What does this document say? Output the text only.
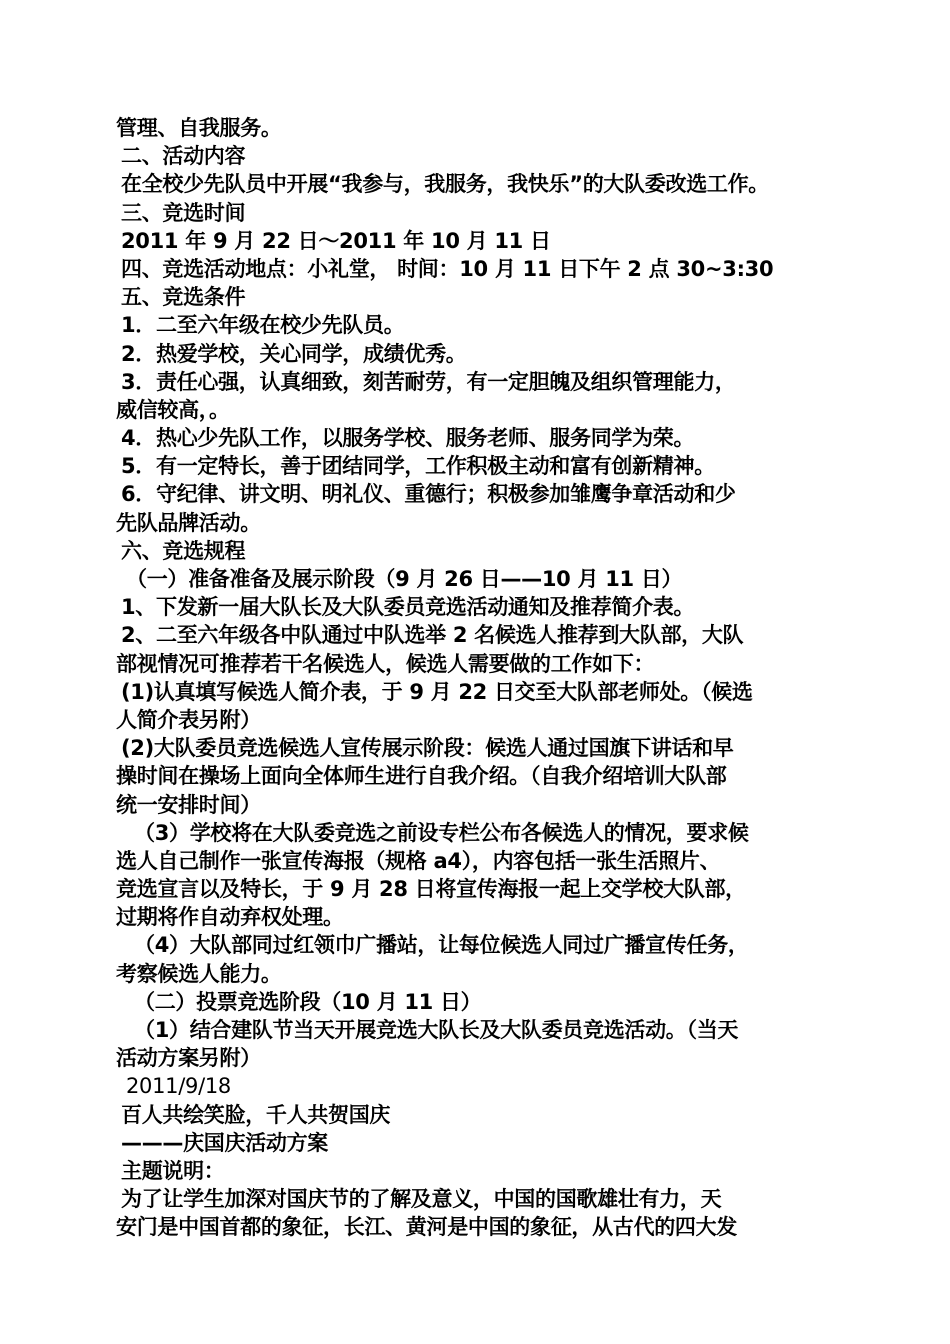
管理、自我服务。
二、活动内容
在全校少先队员中开展“我参与，我服务，我快乐”的大队委改选工作。
三、竞选时间
2011 年 9 月 22 日～2011 年 10 月 11 日
四、竞选活动地点：小礼堂， 时间：10 月 11 日下午 2 点 30~3:30
五、竞选条件
1．二至六年级在校少先队员。
2．热爱学校，关心同学，成绩优秀。
3．责任心强，认真细致，刻苦耐劳，有一定胆魄及组织管理能力，
威信较高，。
4．热心少先队工作，以服务学校、服务老师、服务同学为荣。
5．有一定特长，善于团结同学，工作积极主动和富有创新精神。
6．守纪律、讲文明、明礼仪、重德行；积极参加雏鹰争章活动和少
先队品牌活动。
六、竞选规程
（一）准备准备及展示阶段（9 月 26 日——10 月 11 日）
1、下发新一届大队长及大队委员竞选活动通知及推荐简介表。
2、二至六年级各中队通过中队选举 2 名候选人推荐到大队部，大队
部视情况可推荐若干名候选人，候选人需要做的工作如下：
(1)认真填写候选人简介表，于 9 月 22 日交至大队部老师处。（候选
人简介表另附）
(2)大队委员竞选候选人宣传展示阶段：候选人通过国旗下讲话和早
操时间在操场上面向全体师生进行自我介绍。（自我介绍培训大队部
统一安排时间）
（3）学校将在大队委竞选之前设专栏公布各候选人的情况，要求候
选人自己制作一张宣传海报（规格 a4），内容包括一张生活照片、
竞选宣言以及特长，于 9 月 28 日将宣传海报一起上交学校大队部，
过期将作自动弃权处理。
（4）大队部同过红领巾广播站，让每位候选人同过广播宣传任务，
考察候选人能力。
（二）投票竞选阶段（10 月 11 日）
（1）结合建队节当天开展竞选大队长及大队委员竞选活动。（当天
活动方案另附）
2011/9/18
百人共绘笑脸，千人共贺国庆
———庆国庆活动方案
主题说明：
为了让学生加深对国庆节的了解及意义，中国的国歌雄壮有力，天
安门是中国首都的象征，长江、黄河是中国的象征，从古代的四大发
